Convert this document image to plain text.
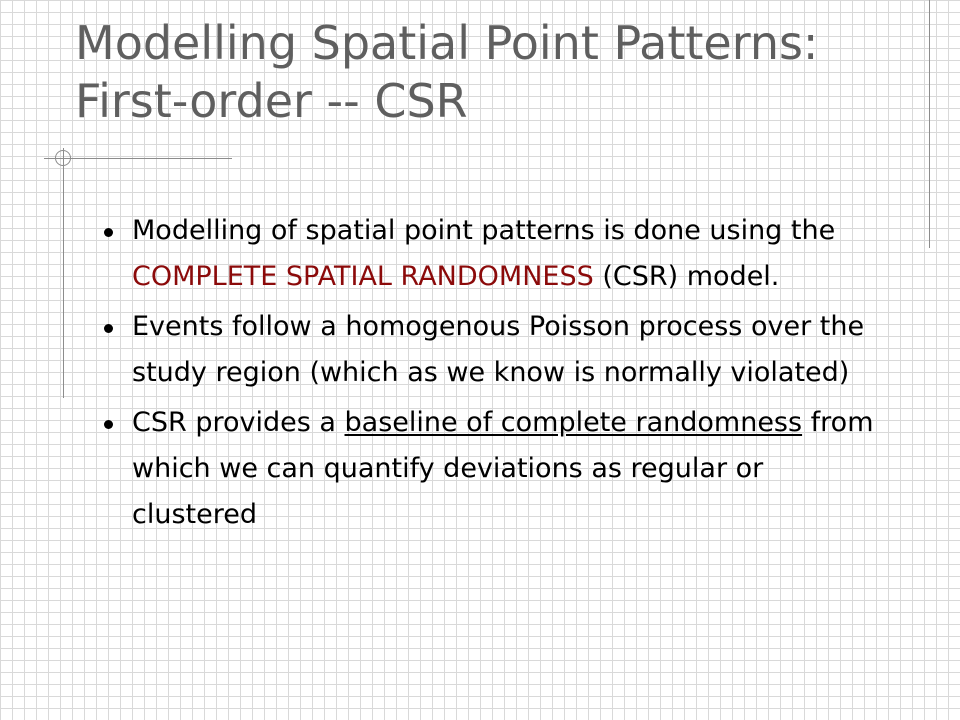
Modelling Spatial Point Patterns: First-order -- CSR
Modelling of spatial point patterns is done using the COMPLETE SPATIAL RANDOMNESS (CSR) model.
Events follow a homogenous Poisson process over the study region (which as we know is normally violated)
CSR provides a baseline of complete randomness from which we can quantify deviations as regular or clustered
